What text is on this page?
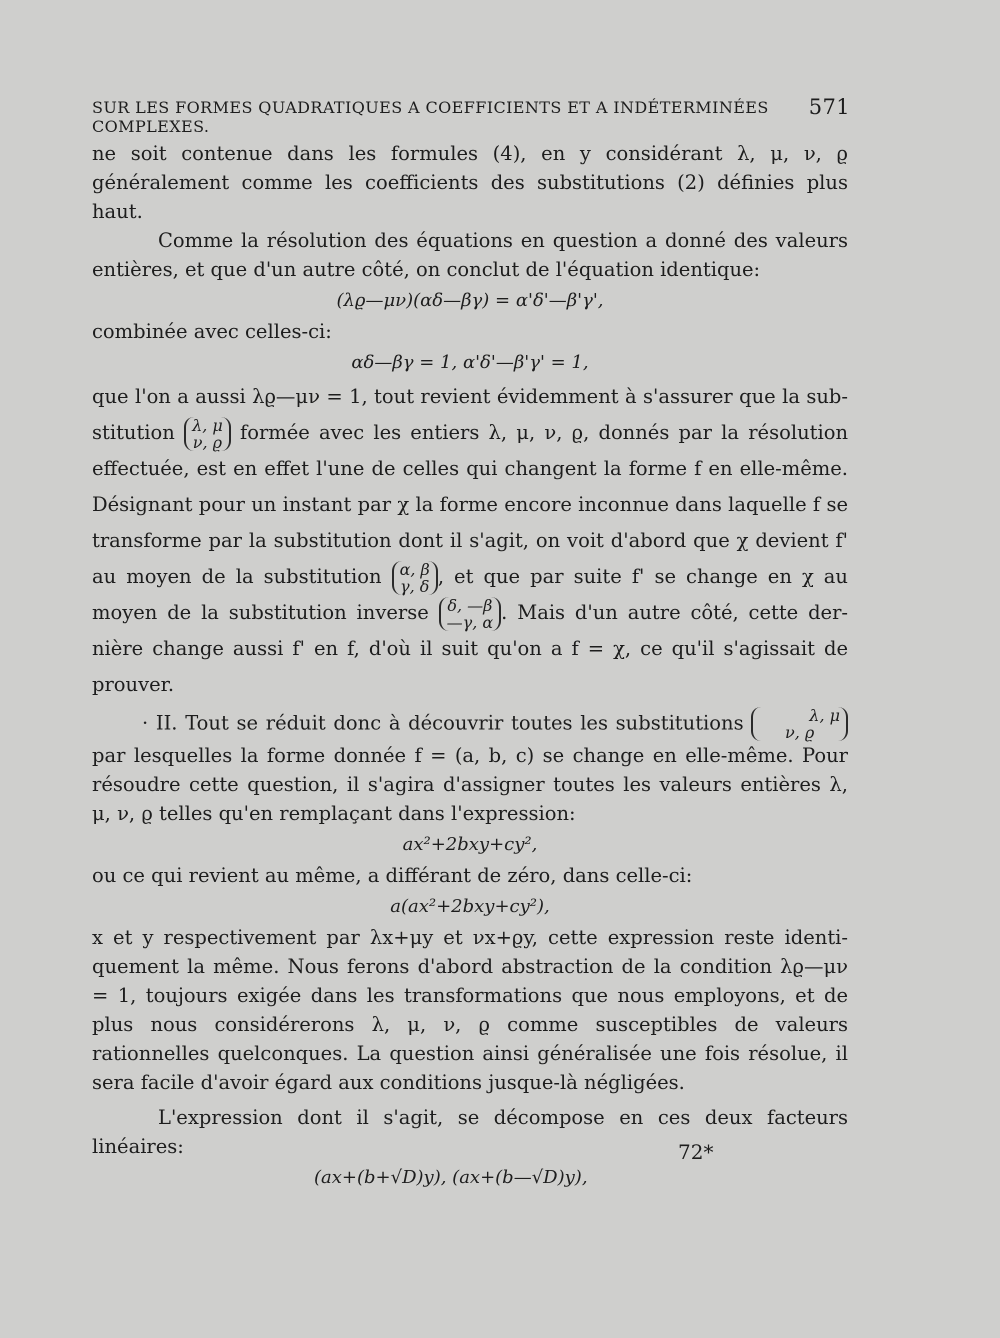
SUR LES FORMES QUADRATIQUES A COEFFICIENTS ET A INDÉTERMINÉES COMPLEXES.
571

ne soit contenue dans les formules (4), en y considérant λ, μ, ν, ϱ généralement comme les coefficients des substitutions (2) définies plus haut.

Comme la résolution des équations en question a donné des valeurs entières, et que d'un autre côté, on conclut de l'équation identique:

(λϱ—μν)(αδ—βγ) = α'δ'—β'γ',

combinée avec celles-ci:

αδ—βγ = 1, α'δ'—β'γ' = 1,

que l'on a aussi λϱ—μν = 1, tout revient évidemment à s'assurer que la sub-stitution λ, μ
ν, ϱ formée avec les entiers λ, μ, ν, ϱ, donnés par la résolution effectuée, est en effet l'une de celles qui changent la forme f en elle-même. Désignant pour un instant par χ la forme encore inconnue dans laquelle f se transforme par la substitution dont il s'agit, on voit d'abord que χ devient f' au moyen de la substitution α, β
γ, δ , et que par suite f' se change en χ au moyen de la substitution inverse δ, —β
—γ, α . Mais d'un autre côté, cette der-nière change aussi f' en f, d'où il suit qu'on a f = χ, ce qu'il s'agissait de prouver.

· II. Tout se réduit donc à découvrir toutes les substitutions	λ, μ
ν, ϱ par lesquelles la forme donnée f = (a, b, c) se change en elle-même. Pour résoudre cette question, il s'agira d'assigner toutes les valeurs entières λ, μ, ν, ϱ telles qu'en remplaçant dans l'expression:

ax²+2bxy+cy²,

ou ce qui revient au même, a différant de zéro, dans celle-ci:

a(ax²+2bxy+cy²),

x et y respectivement par λx+μy et νx+ϱy, cette expression reste identi-quement la même. Nous ferons d'abord abstraction de la condition λϱ—μν = 1, toujours exigée dans les transformations que nous employons, et de plus nous considérerons λ, μ, ν, ϱ comme susceptibles de valeurs rationnelles quelconques. La question ainsi généralisée une fois résolue, il sera facile d'avoir égard aux conditions jusque-là négligées.

L'expression dont il s'agit, se décompose en ces deux facteurs linéaires:

(ax+(b+√D)y), (ax+(b—√D)y),
72*
